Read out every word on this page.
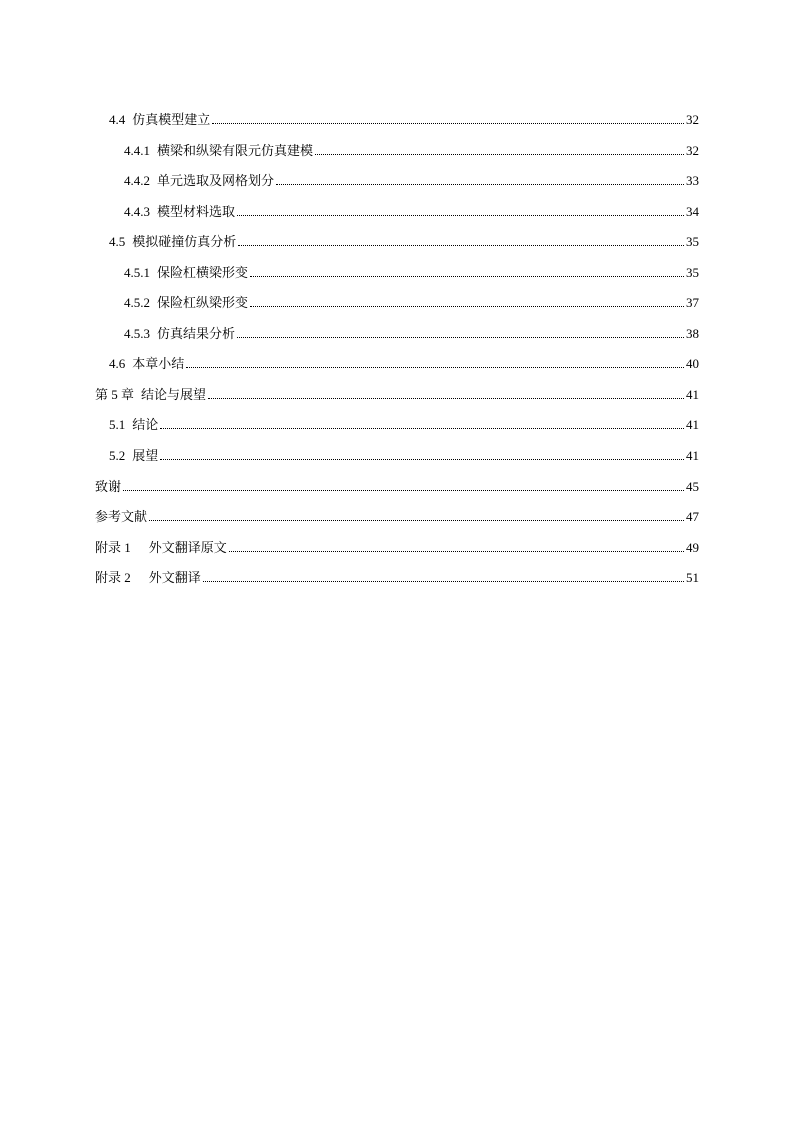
4.4 仿真模型建立	32
4.4.1 横梁和纵梁有限元仿真建模	32
4.4.2 单元选取及网格划分	33
4.4.3 模型材料选取	34
4.5 模拟碰撞仿真分析	35
4.5.1 保险杠横梁形变	35
4.5.2 保险杠纵梁形变	37
4.5.3 仿真结果分析	38
4.6 本章小结	40
第 5 章 结论与展望	41
5.1 结论	41
5.2 展望	41
致谢	45
参考文献	47
附录 1 外文翻译原文	49
附录 2 外文翻译	51
